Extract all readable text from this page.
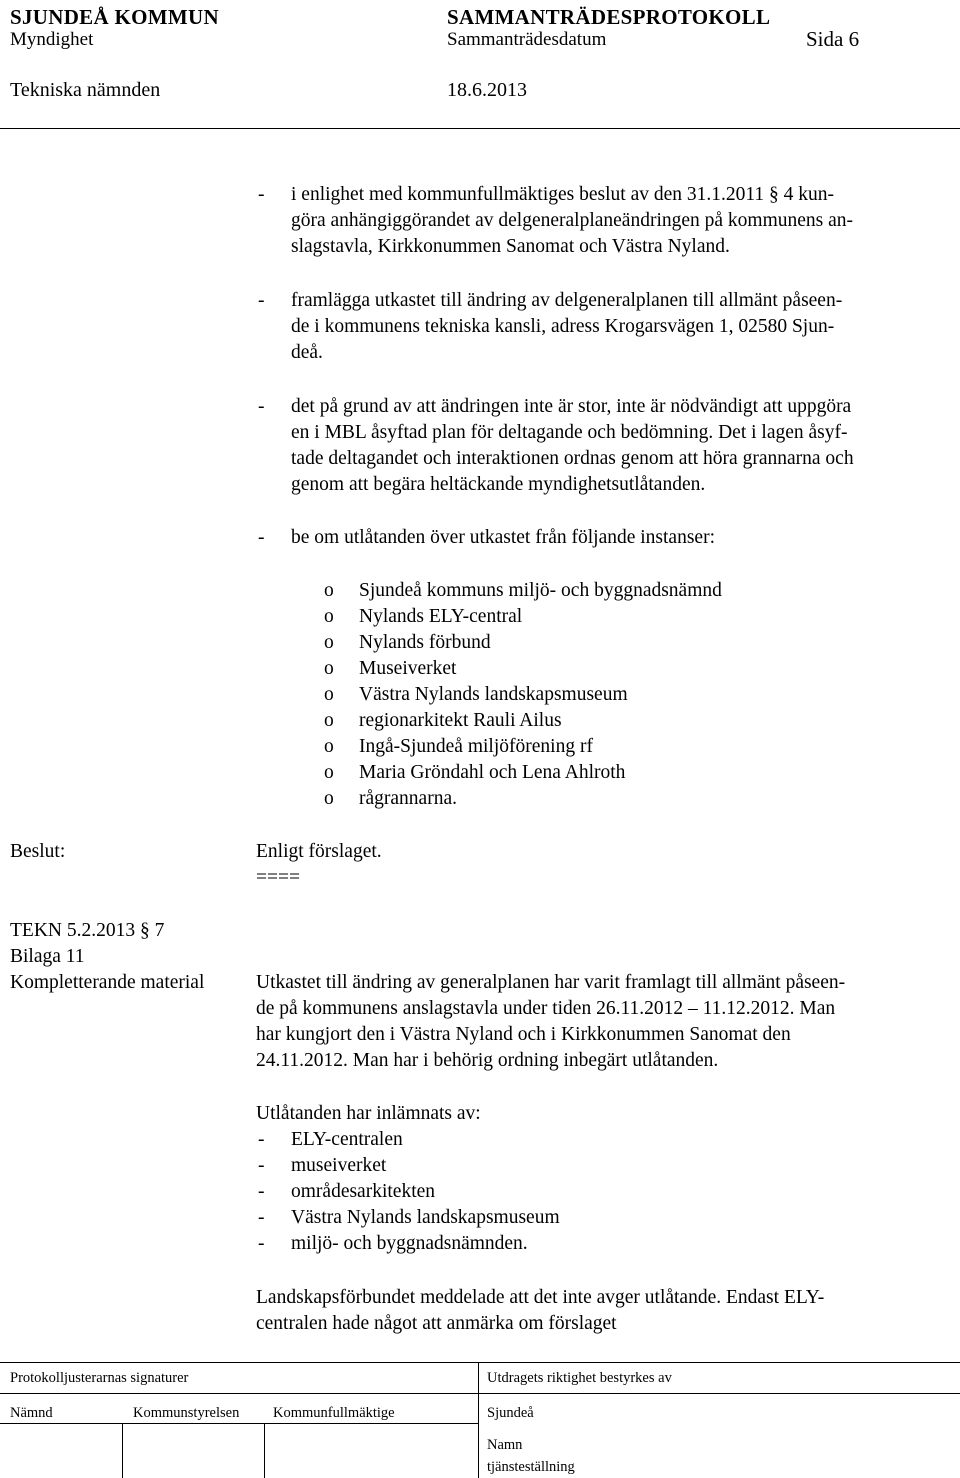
SJUNDEÅ KOMMUN	SAMMANTRÄDESPROTOKOLL
Myndighet	Sammanträdesdatum	Sida 6
Tekniska nämnden	18.6.2013
- i enlighet med kommunfullmäktiges beslut av den 31.1.2011 § 4 kun-
göra anhängiggörandet av delgeneralplaneändringen på kommunens an-
slagstavla, Kirkkonummen Sanomat och Västra Nyland.
- framlägga utkastet till ändring av delgeneralplanen till allmänt påseen-
de i kommunens tekniska kansli, adress Krogarsvägen 1, 02580 Sjun-
deå.
- det på grund av att ändringen inte är stor, inte är nödvändigt att uppgöra
en i MBL åsyftad plan för deltagande och bedömning. Det i lagen åsyf-
tade deltagandet och interaktionen ordnas genom att höra grannarna och
genom att begära heltäckande myndighetsutlåtanden.
- be om utlåtanden över utkastet från följande instanser:
o Sjundeå kommuns miljö- och byggnadsnämnd
o Nylands ELY-central
o Nylands förbund
o Museiverket
o Västra Nylands landskapsmuseum
o regionarkitekt Rauli Ailus
o Ingå-Sjundeå miljöförening rf
o Maria Gröndahl och Lena Ahlroth
o rågrannarna.
Beslut:	Enligt förslaget.
====
TEKN 5.2.2013 § 7
Bilaga 11
Kompletterande material	Utkastet till ändring av generalplanen har varit framlagt till allmänt påseen-
de på kommunens anslagstavla under tiden 26.11.2012 – 11.12.2012. Man
har kungjort den i Västra Nyland och i Kirkkonummen Sanomat den
24.11.2012. Man har i behörig ordning inbegärt utlåtanden.
Utlåtanden har inlämnats av:
- ELY-centralen
- museiverket
- områdesarkitekten
- Västra Nylands landskapsmuseum
- miljö- och byggnadsnämnden.
Landskapsförbundet meddelade att det inte avger utlåtande. Endast ELY-
centralen hade något att anmärka om förslaget
Protokolljusterarnas signaturer	Utdragets riktighet bestyrkes av
Nämnd	Kommunstyrelsen Kommunfullmäktige	Sjundeå
Namn
tjänsteställning
